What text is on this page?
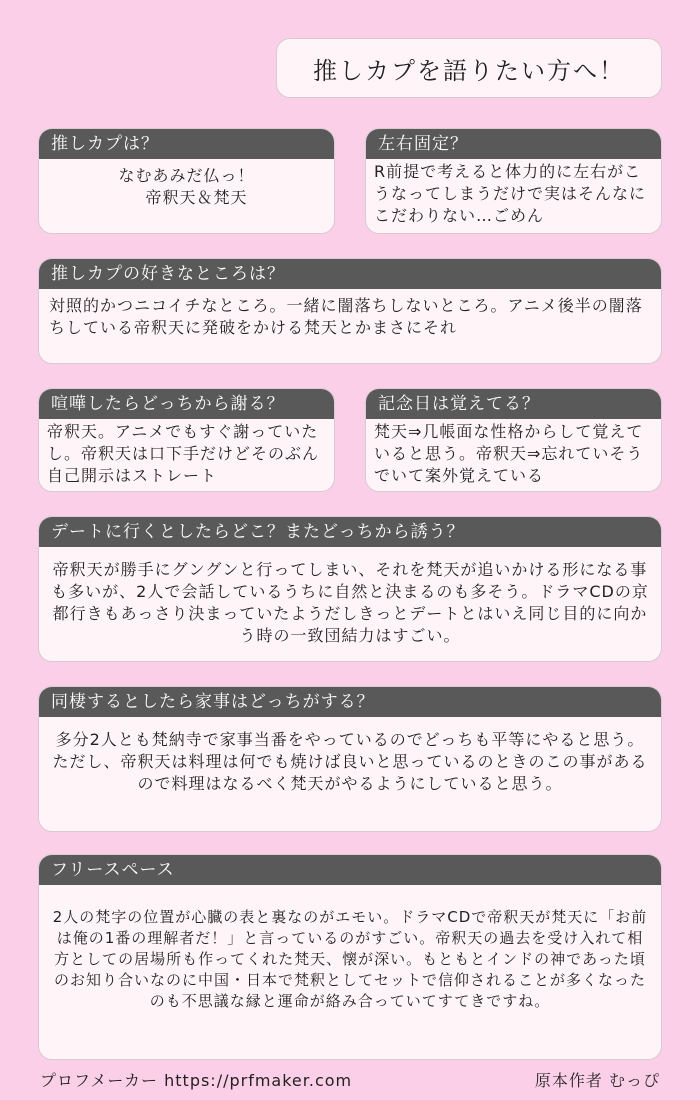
推しカプを語りたい方へ！
推しカプは？
なむあみだ仏っ！
帝釈天＆梵天
左右固定？
R前提で考えると体力的に左右がこうなってしまうだけで実はそんなにこだわりない…ごめん
推しカプの好きなところは？
対照的かつニコイチなところ。一緒に闇落ちしないところ。アニメ後半の闇落ちしている帝釈天に発破をかける梵天とかまさにそれ
喧嘩したらどっちから謝る？
帝釈天。アニメでもすぐ謝っていたし。帝釈天は口下手だけどそのぶん自己開示はストレート
記念日は覚えてる？
梵天⇒几帳面な性格からして覚えていると思う。帝釈天⇒忘れていそうでいて案外覚えている
デートに行くとしたらどこ？またどっちから誘う？
帝釈天が勝手にグングンと行ってしまい、それを梵天が追いかける形になる事も多いが、2人で会話しているうちに自然と決まるのも多そう。ドラマCDの京都行きもあっさり決まっていたようだしきっとデートとはいえ同じ目的に向かう時の一致団結力はすごい。
同棲するとしたら家事はどっちがする？
多分2人とも梵納寺で家事当番をやっているのでどっちも平等にやると思う。ただし、帝釈天は料理は何でも焼けば良いと思っているのときのこの事があるので料理はなるべく梵天がやるようにしていると思う。
フリースペース
2人の梵字の位置が心臓の表と裏なのがエモい。ドラマCDで帝釈天が梵天に「お前は俺の1番の理解者だ！」と言っているのがすごい。帝釈天の過去を受け入れて相方としての居場所も作ってくれた梵天、懐が深い。もともとインドの神であった頃のお知り合いなのに中国・日本で梵釈としてセットで信仰されることが多くなったのも不思議な縁と運命が絡み合っていてすてきですね。
プロフメーカー https://prfmaker.com	原本作者 むっぴ
